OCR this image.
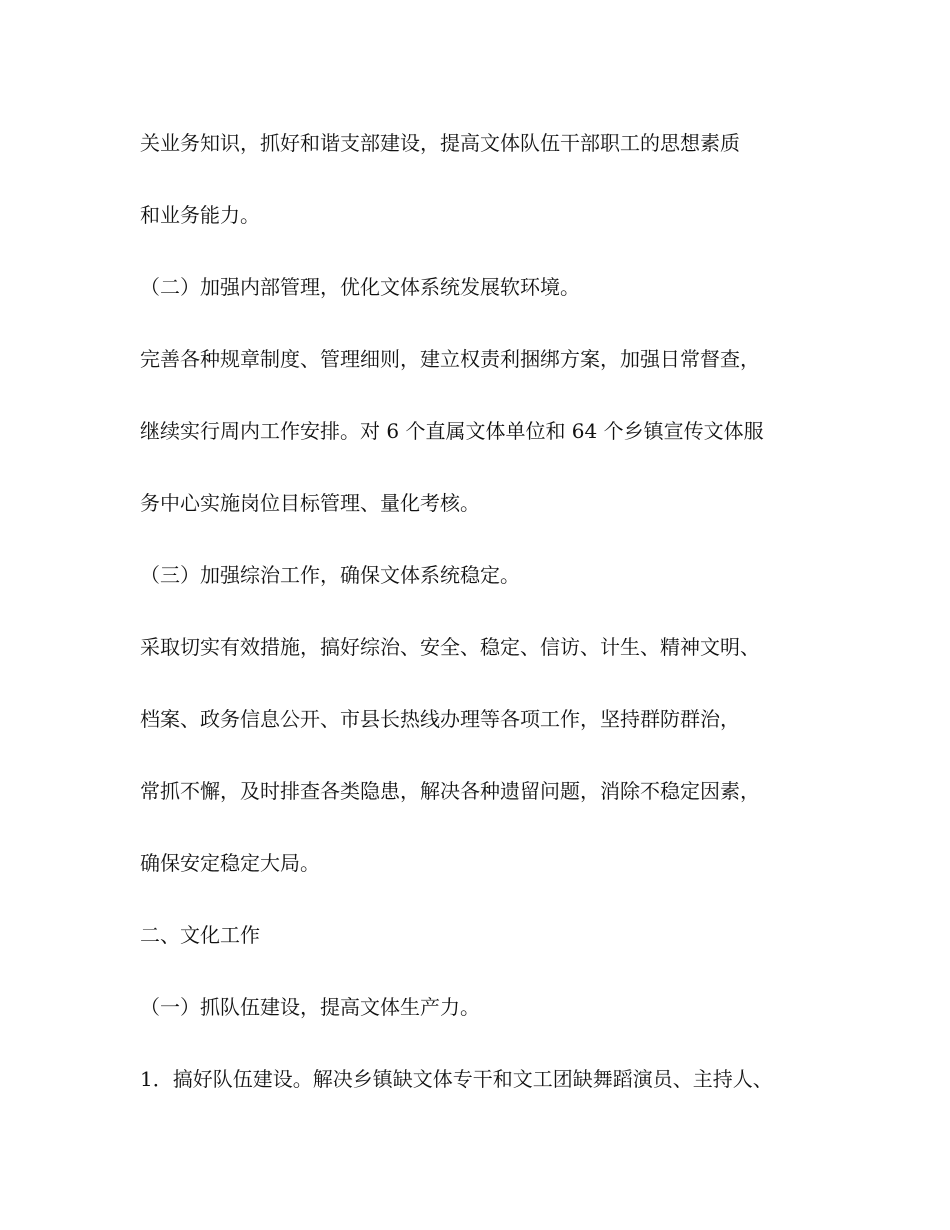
关业务知识，抓好和谐支部建设，提高文体队伍干部职工的思想素质

和业务能力。

（二）加强内部管理，优化文体系统发展软环境。

完善各种规章制度、管理细则，建立权责利捆绑方案，加强日常督查，

继续实行周内工作安排。对 6 个直属文体单位和 64 个乡镇宣传文体服

务中心实施岗位目标管理、量化考核。

（三）加强综治工作，确保文体系统稳定。

采取切实有效措施，搞好综治、安全、稳定、信访、计生、精神文明、

档案、政务信息公开、市县长热线办理等各项工作，坚持群防群治，

常抓不懈，及时排查各类隐患，解决各种遗留问题，消除不稳定因素，

确保安定稳定大局。

二、文化工作

（一）抓队伍建设，提高文体生产力。

1．搞好队伍建设。解决乡镇缺文体专干和文工团缺舞蹈演员、主持人、
